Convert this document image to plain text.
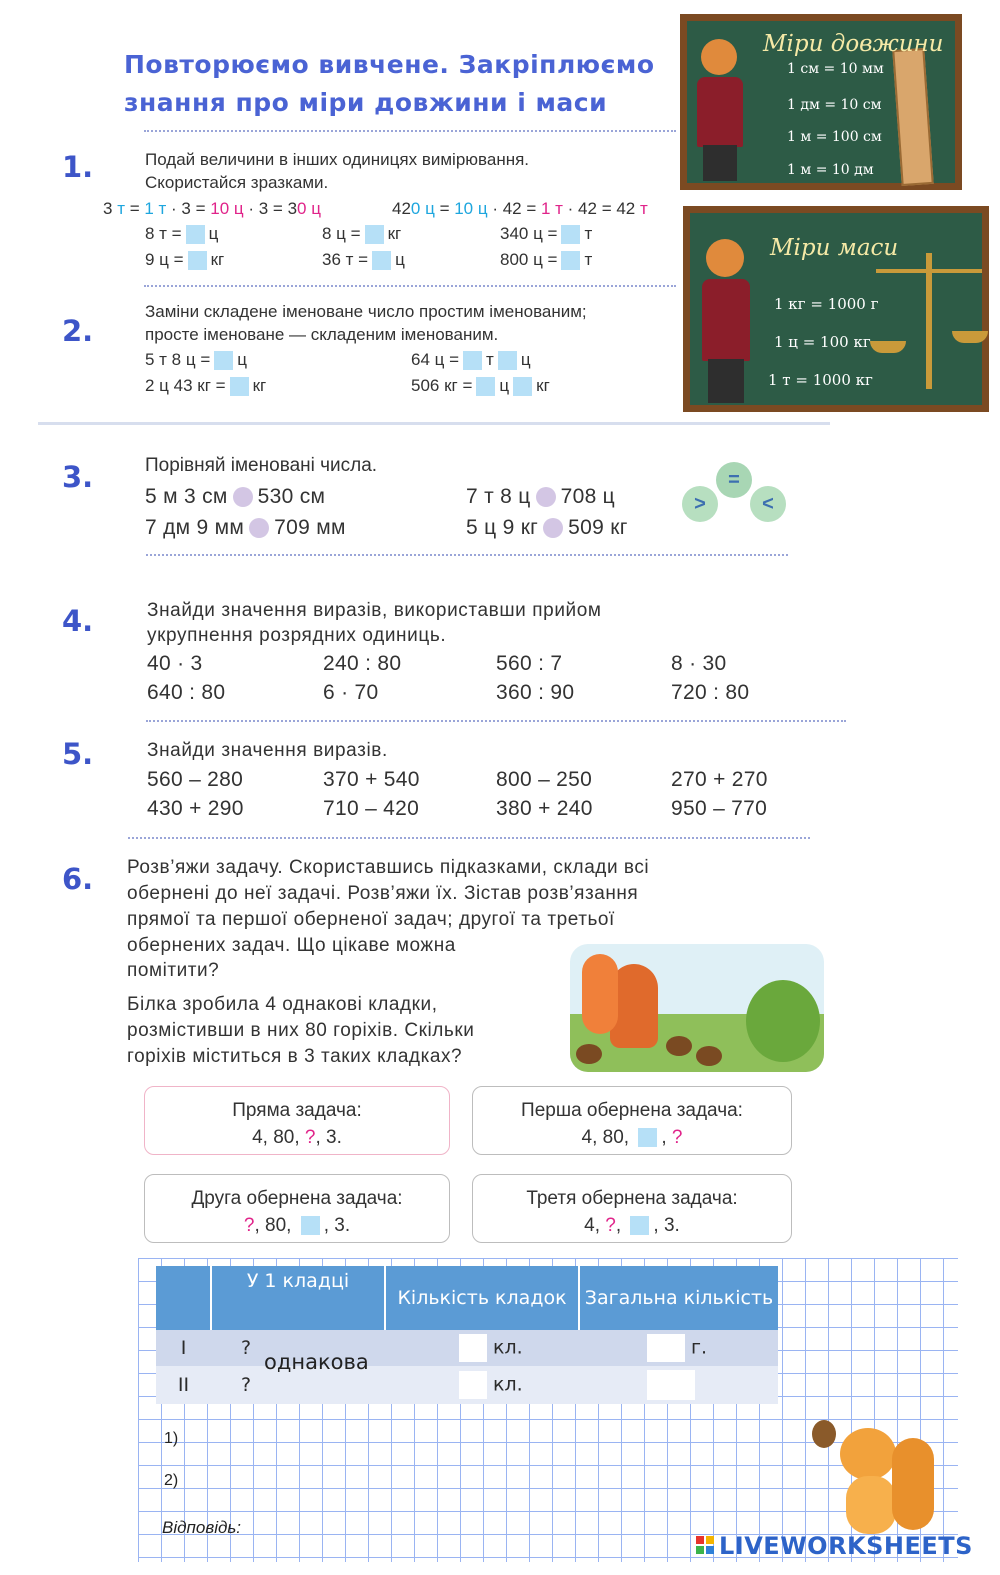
Повторюємо вивчене. Закріплюємо
знання про міри довжини і маси
Міри довжини
1 см = 10 мм
1 дм = 10 см
1 м = 100 см
1 м = 10 дм
Міри маси
1 кг = 1000 г
1 ц = 100 кг
1 т = 1000 кг
1.	Подай величини в інших одиницях вимірювання.
Скористайся зразками.
3 т = 1 т · 3 = 10 ц · 3 = 30 ц	420 ц = 10 ц · 42 = 1 т · 42 = 42 т
8 т = ц	8 ц = кг	340 ц = т
9 ц = кг	36 т = ц	800 ц = т
2.
Заміни складене іменоване число простим іменованим;
просте іменоване — складеним іменованим.
5 т 8 ц = ц	64 ц = т ц
2 ц 43 кг = кг	506 кг = ц кг
3.	Порівняй іменовані числа.
5 м 3 см 530 см	7 т 8 ц 708 ц
7 дм 9 мм 709 мм	5 ц 9 кг 509 кг
>
=
<
4.	Знайди значення виразів, використавши прийом
укрупнення розрядних одиниць.
40 · 3	240 : 80	560 : 7	8 · 30
640 : 80	6 · 70	360 : 90	720 : 80
5.	Знайди значення виразів.
560 – 280	370 + 540	800 – 250	270 + 270
430 + 290	710 – 420	380 + 240	950 – 770
6. Розв’яжи задачу. Скориставшись підказками, склади всі
обернені до неї задачі. Розв’яжи їх. Зістав розв’язання
прямої та першої оберненої задач; другої та третьої
обернених задач. Що цікаве можна
помітити?
Білка зробила 4 однакові кладки,
розмістивши в них 80 горіхів. Скільки
горіхів міститься в 3 таких кладках?
Пряма задача:
4, 80, ?, 3.
Перша обернена задача:
4, 80, , ?
Друга обернена задача:
?, 80, , 3.
Третя обернена задача:
4, ?, , 3.
	У 1 кладці	Кількість кладок	Загальна кількість
I	?	кл.	г.
II	?	кл.	
однакова
1)
2)
Відповідь:
LIVEWORKSHEETS
